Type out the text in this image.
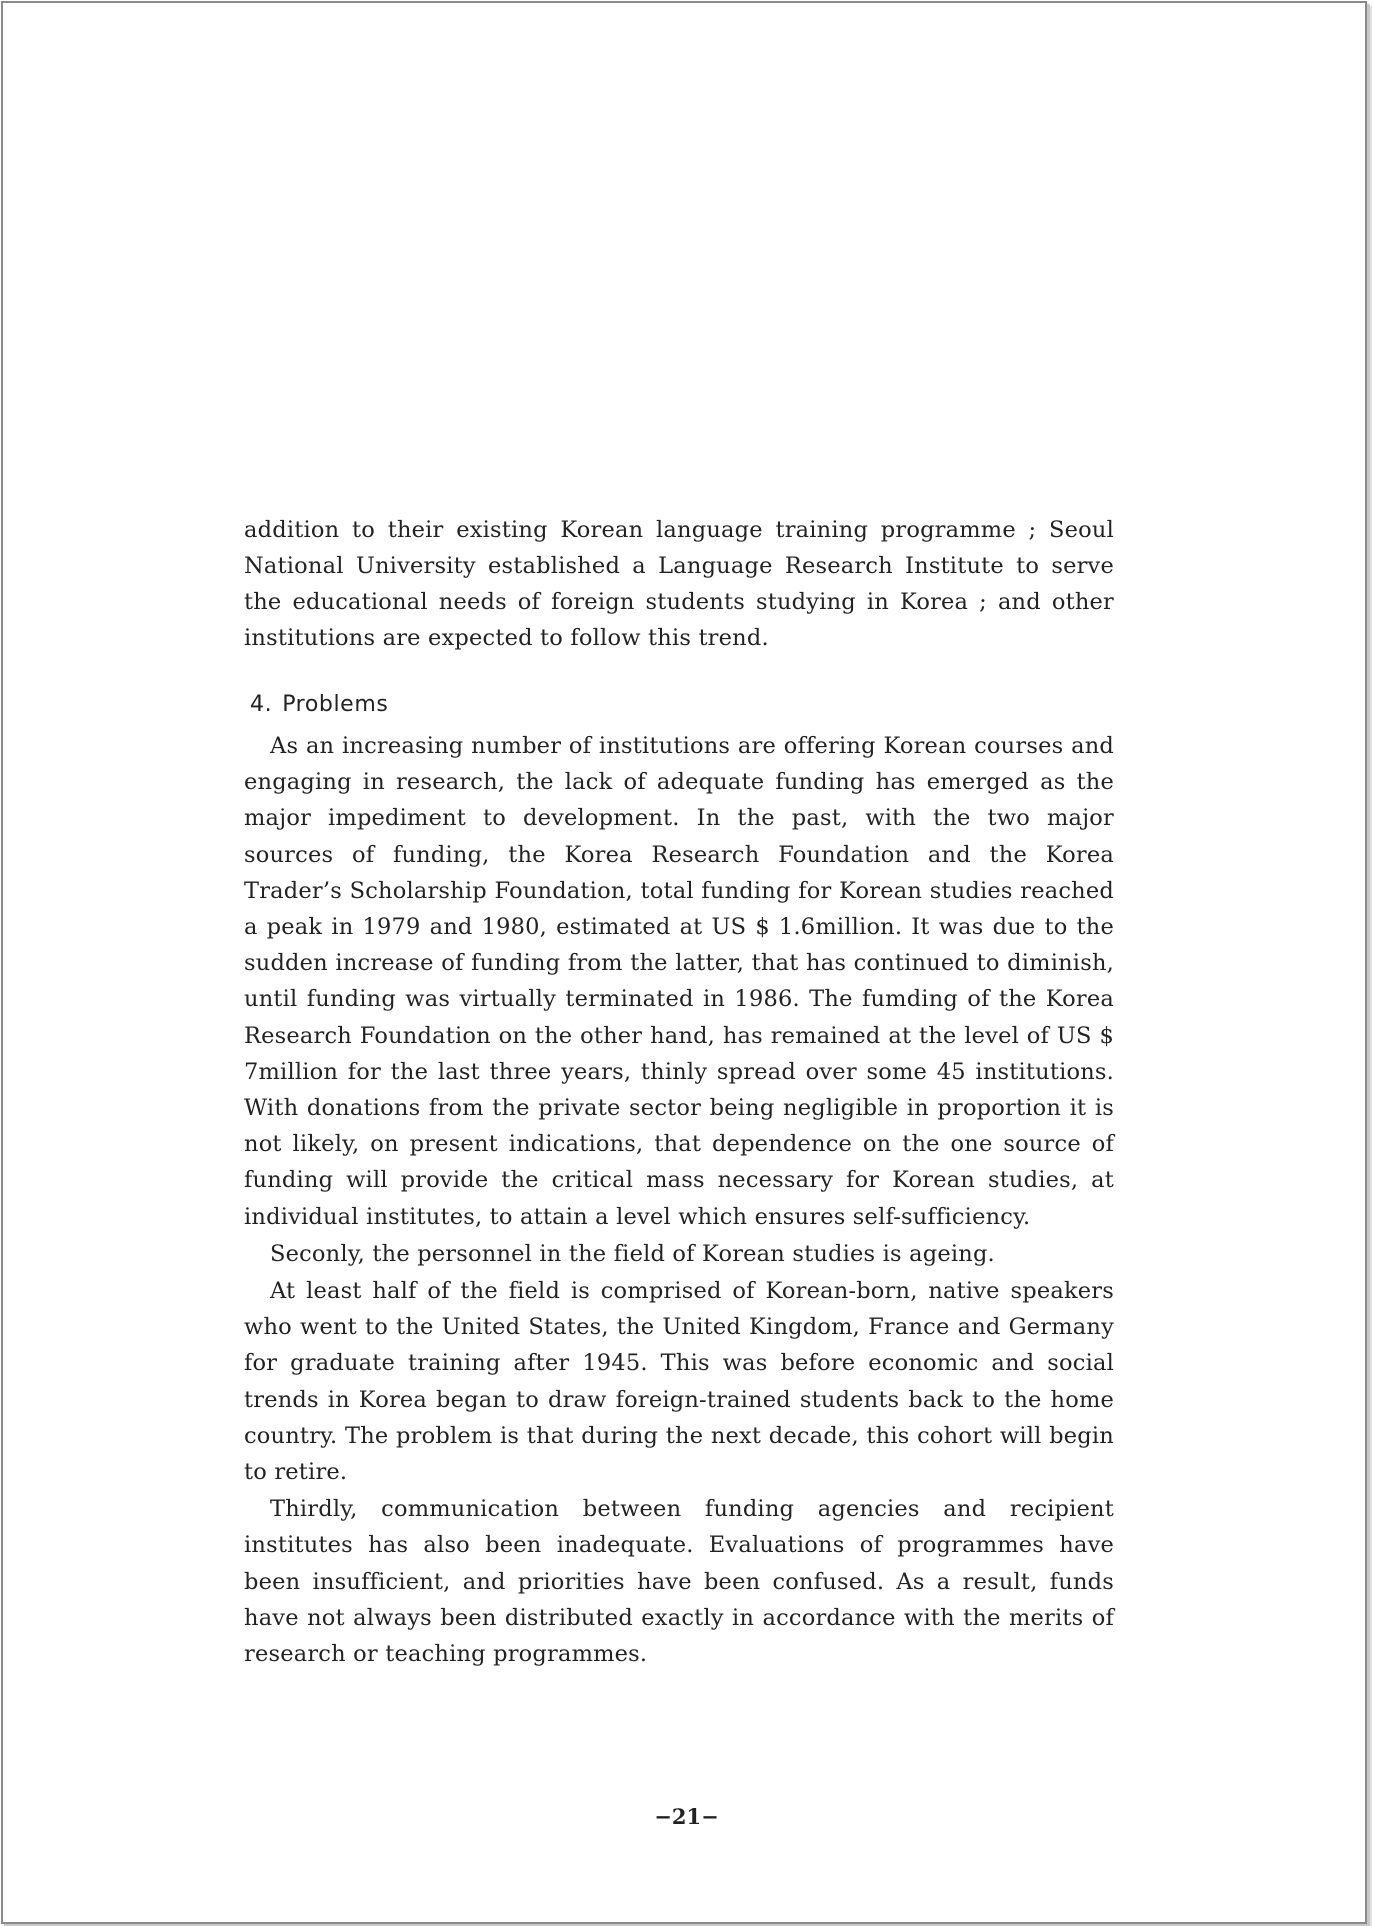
addition to their existing Korean language training programme ; Seoul National University established a Language Research Institute to serve the educational needs of foreign students studying in Korea ; and other institutions are expected to follow this trend.

4. Problems

As an increasing number of institutions are offering Korean courses and engaging in research, the lack of adequate funding has emerged as the major impediment to development. In the past, with the two major sources of funding, the Korea Research Foundation and the Korea Trader’s Scholarship Foundation, total funding for Korean studies reached a peak in 1979 and 1980, estimated at US $ 1.6million. It was due to the sudden increase of funding from the latter, that has continued to diminish, until funding was virtually terminated in 1986. The fumding of the Korea Research Foundation on the other hand, has remained at the level of US $ 7million for the last three years, thinly spread over some 45 institutions. With donations from the private sector being negligible in proportion it is not likely, on present indications, that dependence on the one source of funding will provide the critical mass necessary for Korean studies, at individual institutes, to attain a level which ensures self-sufficiency.

Seconly, the personnel in the field of Korean studies is ageing.

At least half of the field is comprised of Korean-born, native speakers who went to the United States, the United Kingdom, France and Germany for graduate training after 1945. This was before economic and social trends in Korea began to draw foreign-trained students back to the home country. The problem is that during the next decade, this cohort will begin to retire.

Thirdly, communication between funding agencies and recipient institutes has also been inadequate. Evaluations of programmes have been insufficient, and priorities have been confused. As a result, funds have not always been distributed exactly in accordance with the merits of research or teaching programmes.

−21−
